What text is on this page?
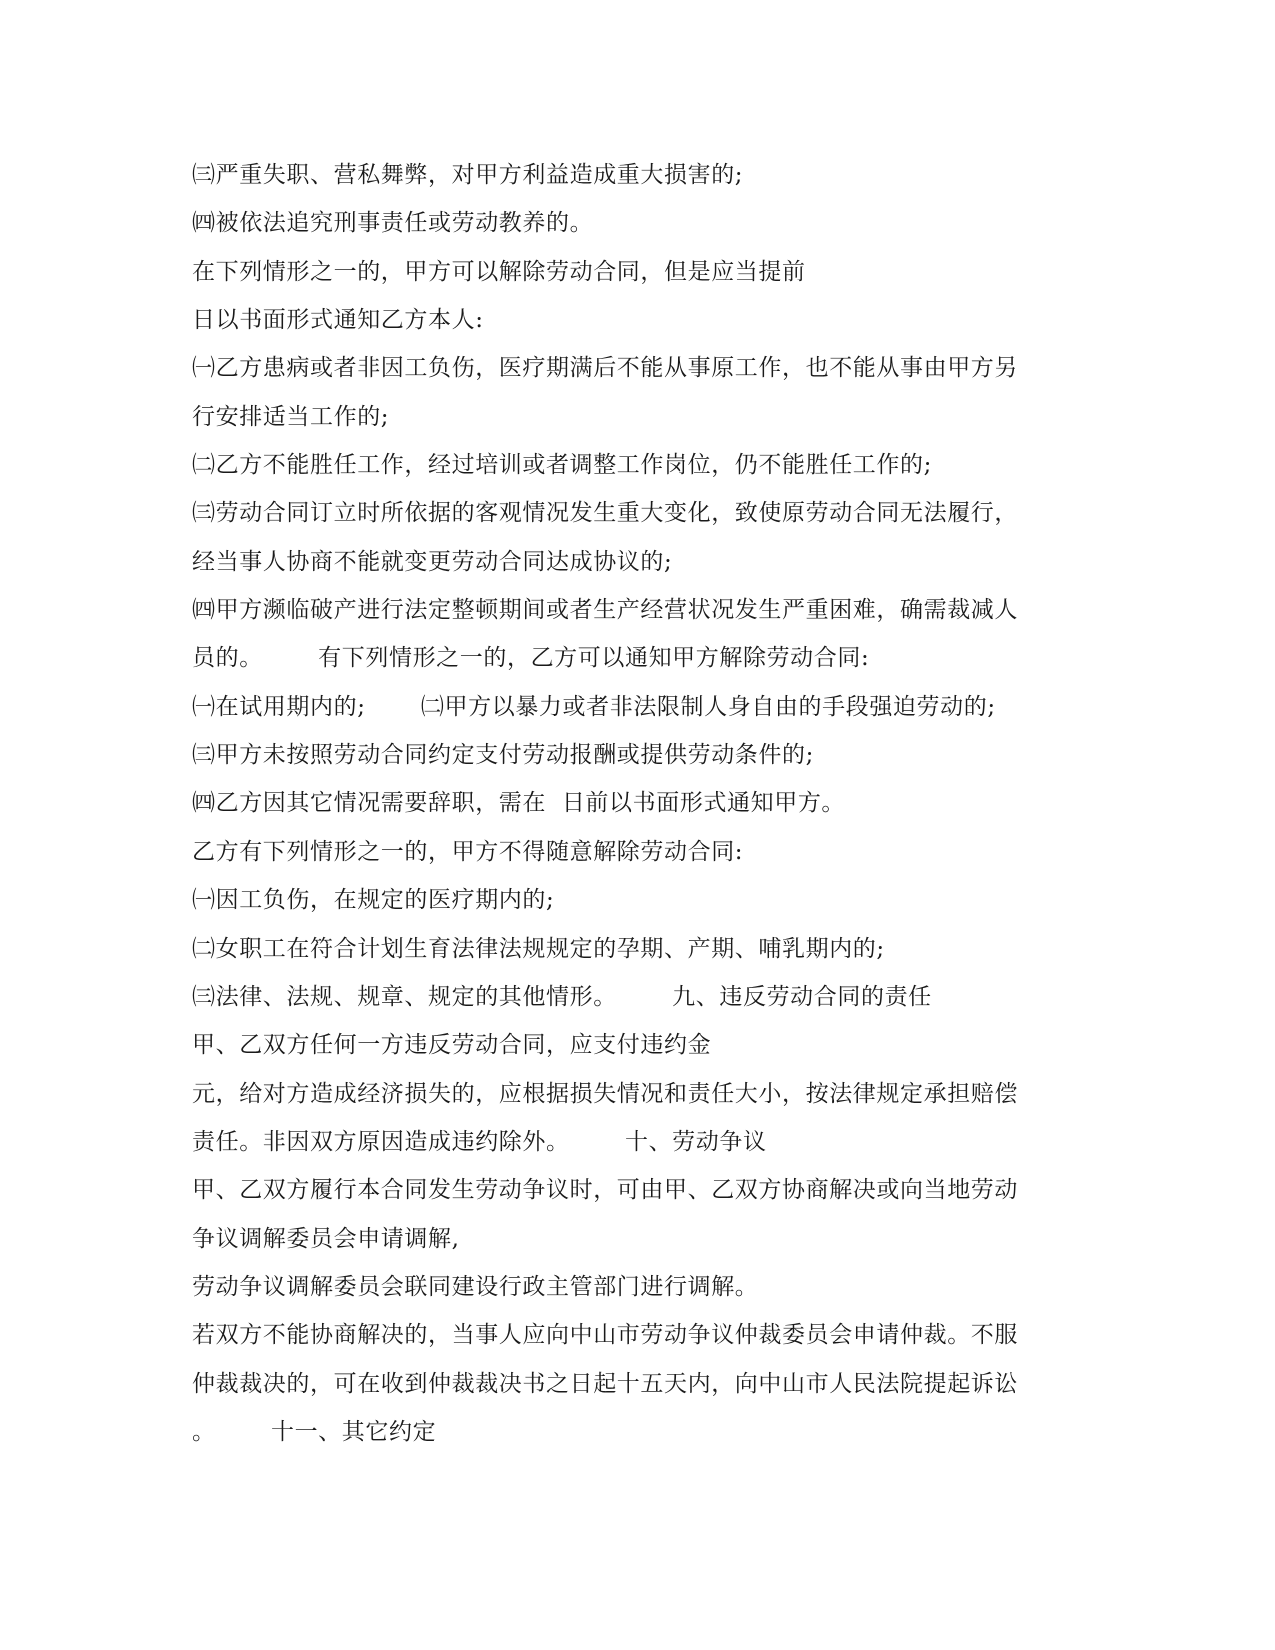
㈢严重失职、营私舞弊，对甲方利益造成重大损害的;
㈣被依法追究刑事责任或劳动教养的。
在下列情形之一的，甲方可以解除劳动合同，但是应当提前
日以书面形式通知乙方本人:
㈠乙方患病或者非因工负伤，医疗期满后不能从事原工作，也不能从事由甲方另
行安排适当工作的;
㈡乙方不能胜任工作，经过培训或者调整工作岗位，仍不能胜任工作的;
㈢劳动合同订立时所依据的客观情况发生重大变化，致使原劳动合同无法履行，
经当事人协商不能就变更劳动合同达成协议的;
㈣甲方濒临破产进行法定整顿期间或者生产经营状况发生严重困难，确需裁减人
员的。       有下列情形之一的，乙方可以通知甲方解除劳动合同:
㈠在试用期内的;       ㈡甲方以暴力或者非法限制人身自由的手段强迫劳动的;
㈢甲方未按照劳动合同约定支付劳动报酬或提供劳动条件的;
㈣乙方因其它情况需要辞职，需在  日前以书面形式通知甲方。
乙方有下列情形之一的，甲方不得随意解除劳动合同:
㈠因工负伤，在规定的医疗期内的;
㈡女职工在符合计划生育法律法规规定的孕期、产期、哺乳期内的;
㈢法律、法规、规章、规定的其他情形。       九、违反劳动合同的责任
甲、乙双方任何一方违反劳动合同，应支付违约金
元，给对方造成经济损失的，应根据损失情况和责任大小，按法律规定承担赔偿
责任。非因双方原因造成违约除外。       十、劳动争议
甲、乙双方履行本合同发生劳动争议时，可由甲、乙双方协商解决或向当地劳动
争议调解委员会申请调解,
劳动争议调解委员会联同建设行政主管部门进行调解。
若双方不能协商解决的，当事人应向中山市劳动争议仲裁委员会申请仲裁。不服
仲裁裁决的，可在收到仲裁裁决书之日起十五天内，向中山市人民法院提起诉讼
。       十一、其它约定
